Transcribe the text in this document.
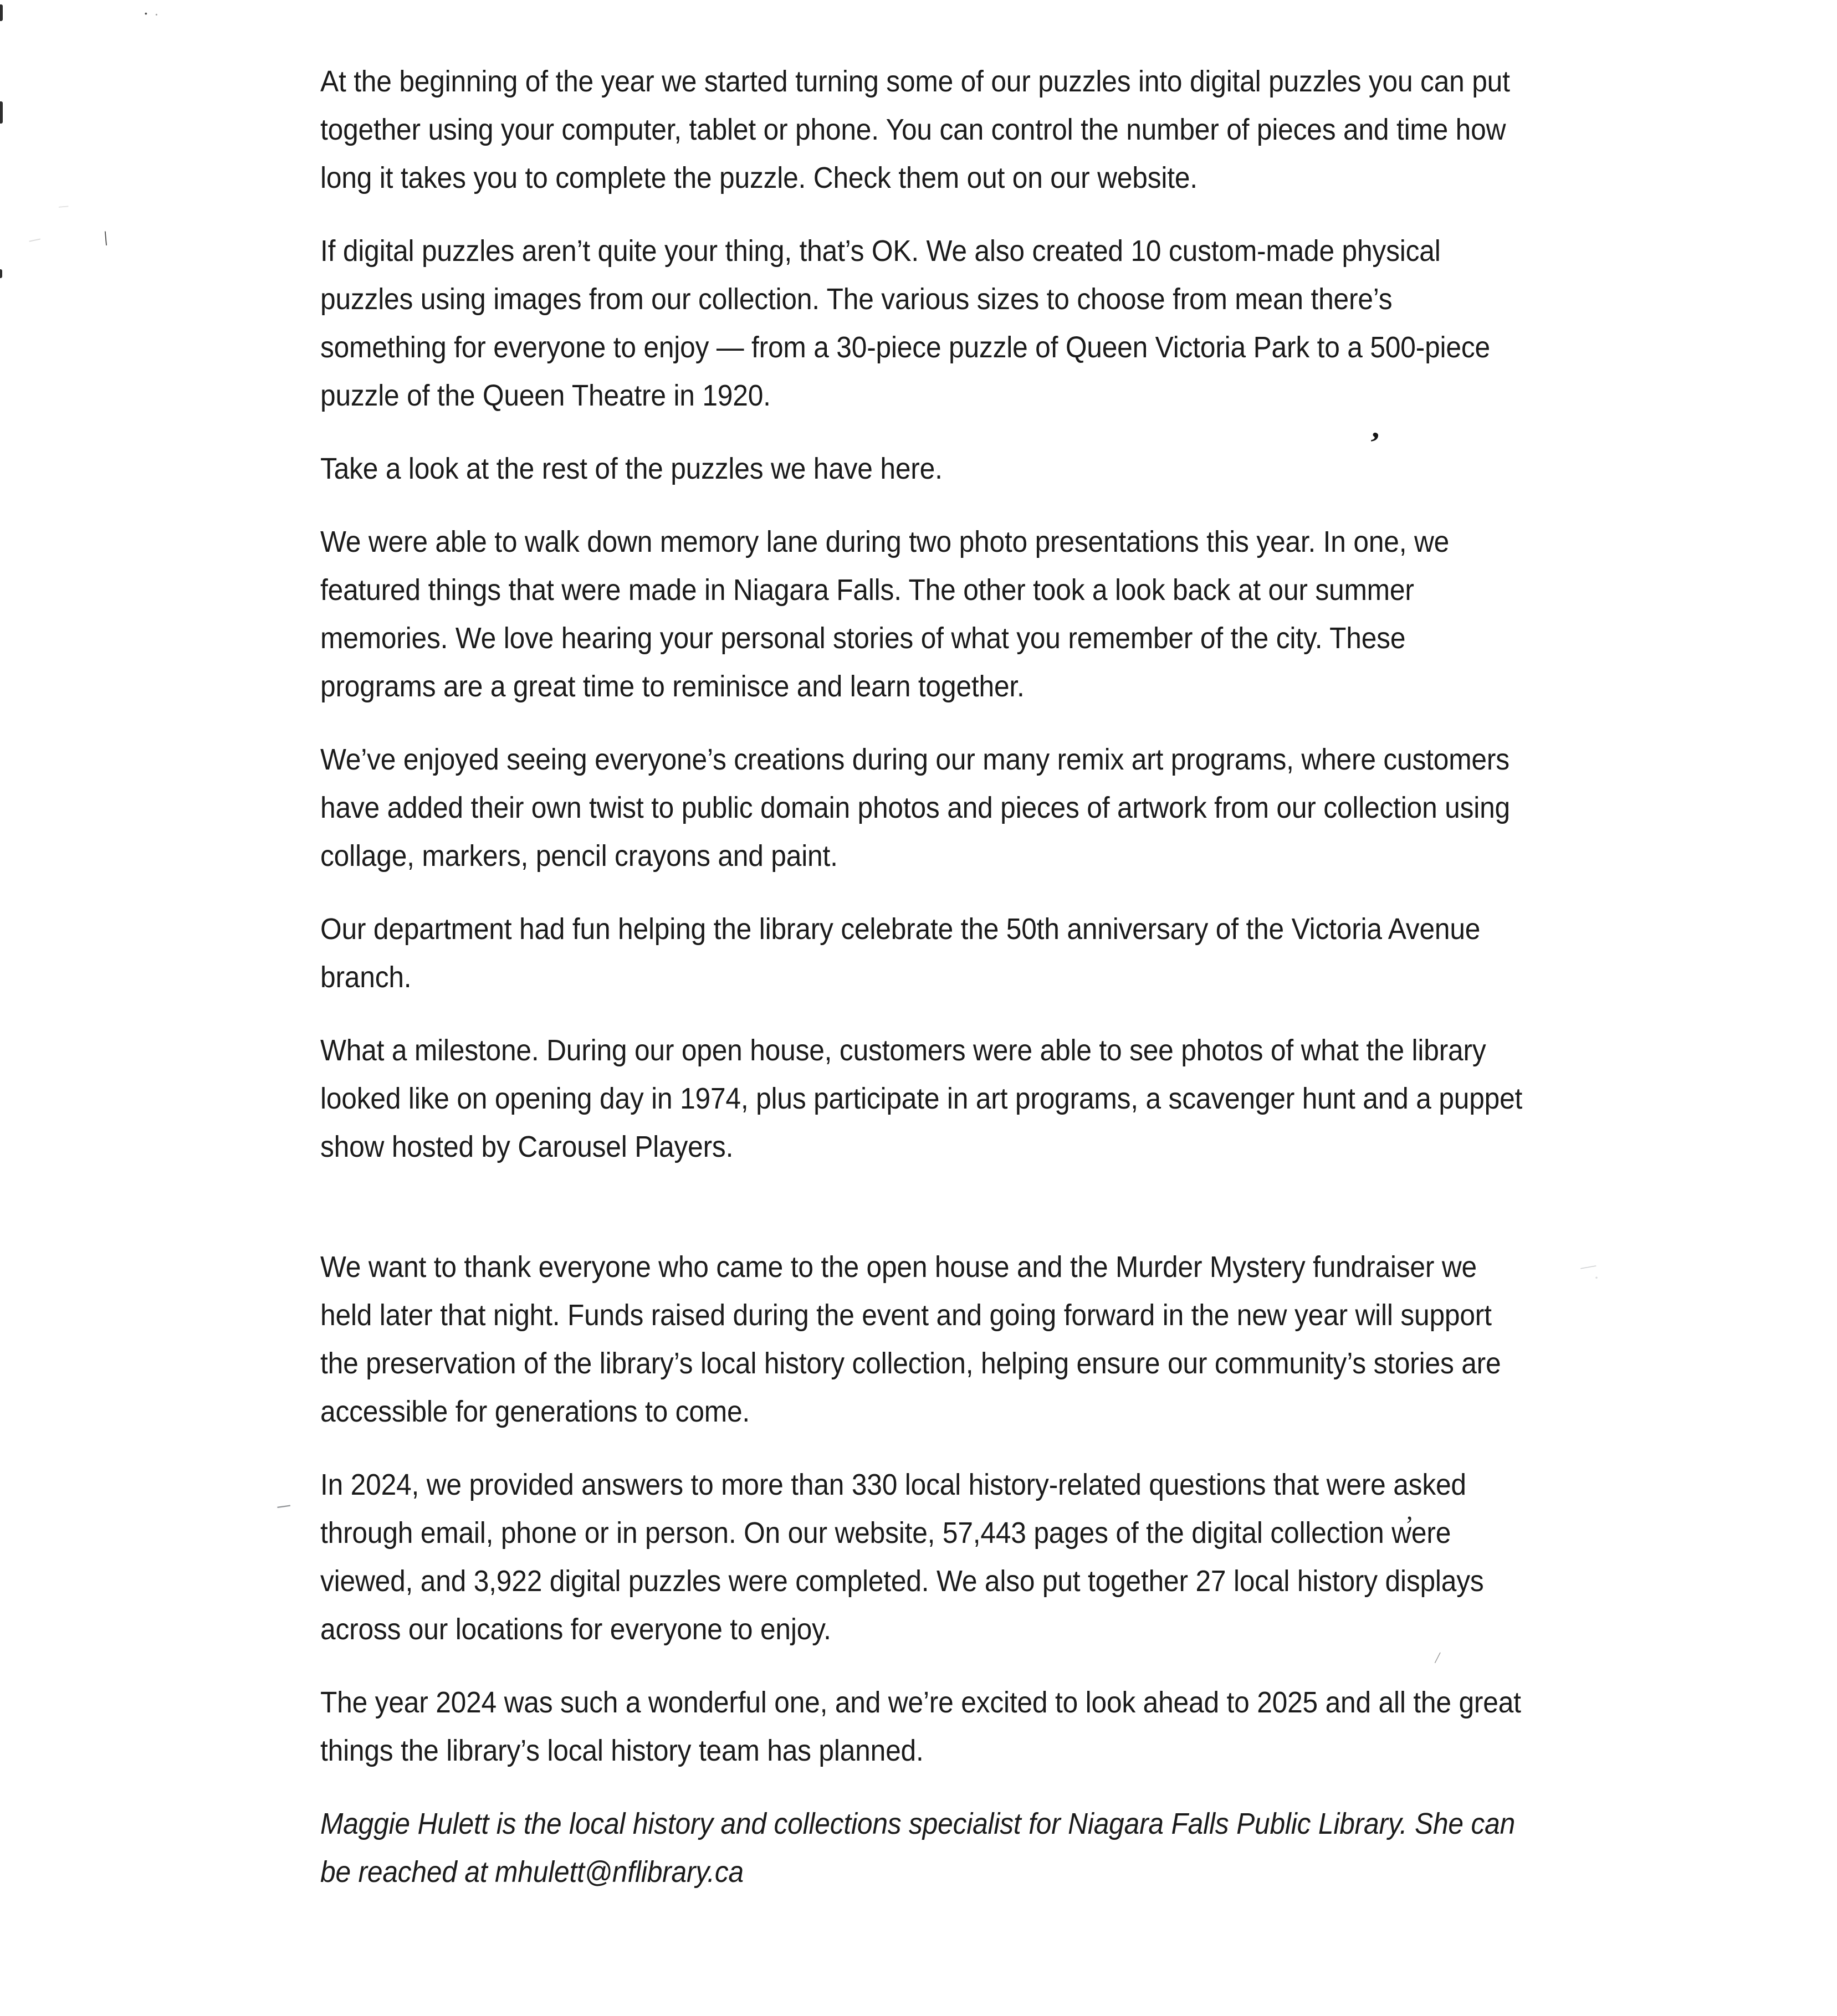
At the beginning of the year we started turning some of our puzzles into digital puzzles you can put together using your computer, tablet or phone. You can control the number of pieces and time how long it takes you to complete the puzzle. Check them out on our website.

If digital puzzles aren’t quite your thing, that’s OK. We also created 10 custom-made physical puzzles using images from our collection. The various sizes to choose from mean there’s something for everyone to enjoy — from a 30-piece puzzle of Queen Victoria Park to a 500-piece puzzle of the Queen Theatre in 1920.

Take a look at the rest of the puzzles we have here.

We were able to walk down memory lane during two photo presentations this year. In one, we featured things that were made in Niagara Falls. The other took a look back at our summer memories. We love hearing your personal stories of what you remember of the city. These programs are a great time to reminisce and learn together.

We’ve enjoyed seeing everyone’s creations during our many remix art programs, where customers have added their own twist to public domain photos and pieces of artwork from our collection using collage, markers, pencil crayons and paint.

Our department had fun helping the library celebrate the 50th anniversary of the Victoria Avenue branch.

What a milestone. During our open house, customers were able to see photos of what the library looked like on opening day in 1974, plus participate in art programs, a scavenger hunt and a puppet show hosted by Carousel Players.

We want to thank everyone who came to the open house and the Murder Mystery fundraiser we held later that night. Funds raised during the event and going forward in the new year will support the preservation of the library’s local history collection, helping ensure our community’s stories are accessible for generations to come.

In 2024, we provided answers to more than 330 local history-related questions that were asked through email, phone or in person. On our website, 57,443 pages of the digital collection were viewed, and 3,922 digital puzzles were completed. We also put together 27 local history displays across our locations for everyone to enjoy.

The year 2024 was such a wonderful one, and we’re excited to look ahead to 2025 and all the great things the library’s local history team has planned.

Maggie Hulett is the local history and collections specialist for Niagara Falls Public Library. She can be reached at mhulett@nflibrary.ca

’
,
—
·
–
· ·
\
–
–
/
